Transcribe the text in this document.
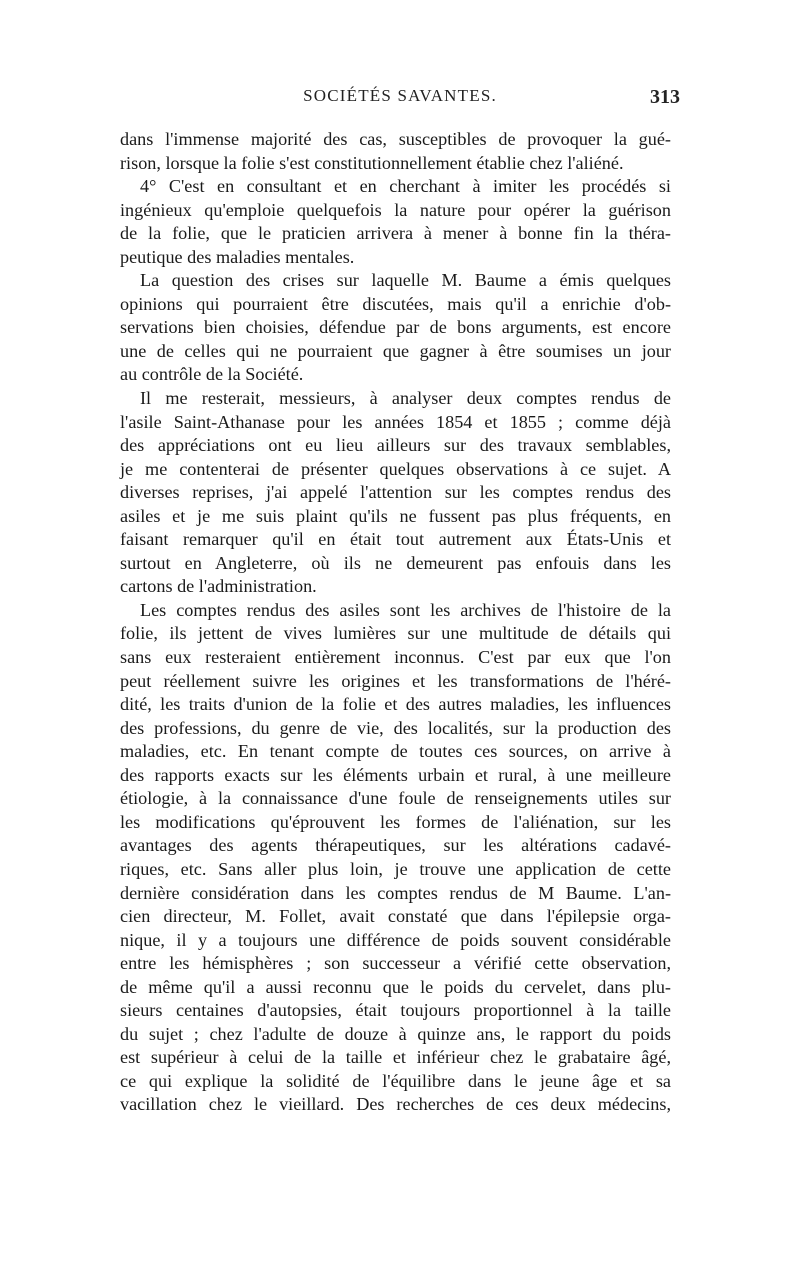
SOCIÉTÉS SAVANTES.	313
dans l'immense majorité des cas, susceptibles de provoquer la gué-
rison, lorsque la folie s'est constitutionnellement établie chez l'aliéné.
4° C'est en consultant et en cherchant à imiter les procédés si
ingénieux qu'emploie quelquefois la nature pour opérer la guérison
de la folie, que le praticien arrivera à mener à bonne fin la théra-
peutique des maladies mentales.
La question des crises sur laquelle M. Baume a émis quelques
opinions qui pourraient être discutées, mais qu'il a enrichie d'ob-
servations bien choisies, défendue par de bons arguments, est encore
une de celles qui ne pourraient que gagner à être soumises un jour
au contrôle de la Société.
Il me resterait, messieurs, à analyser deux comptes rendus de
l'asile Saint-Athanase pour les années 1854 et 1855 ; comme déjà
des appréciations ont eu lieu ailleurs sur des travaux semblables,
je me contenterai de présenter quelques observations à ce sujet. A
diverses reprises, j'ai appelé l'attention sur les comptes rendus des
asiles et je me suis plaint qu'ils ne fussent pas plus fréquents, en
faisant remarquer qu'il en était tout autrement aux États-Unis et
surtout en Angleterre, où ils ne demeurent pas enfouis dans les
cartons de l'administration.
Les comptes rendus des asiles sont les archives de l'histoire de la
folie, ils jettent de vives lumières sur une multitude de détails qui
sans eux resteraient entièrement inconnus. C'est par eux que l'on
peut réellement suivre les origines et les transformations de l'héré-
dité, les traits d'union de la folie et des autres maladies, les influences
des professions, du genre de vie, des localités, sur la production des
maladies, etc. En tenant compte de toutes ces sources, on arrive à
des rapports exacts sur les éléments urbain et rural, à une meilleure
étiologie, à la connaissance d'une foule de renseignements utiles sur
les modifications qu'éprouvent les formes de l'aliénation, sur les
avantages des agents thérapeutiques, sur les altérations cadavé-
riques, etc. Sans aller plus loin, je trouve une application de cette
dernière considération dans les comptes rendus de M Baume. L'an-
cien directeur, M. Follet, avait constaté que dans l'épilepsie orga-
nique, il y a toujours une différence de poids souvent considérable
entre les hémisphères ; son successeur a vérifié cette observation,
de même qu'il a aussi reconnu que le poids du cervelet, dans plu-
sieurs centaines d'autopsies, était toujours proportionnel à la taille
du sujet ; chez l'adulte de douze à quinze ans, le rapport du poids
est supérieur à celui de la taille et inférieur chez le grabataire âgé,
ce qui explique la solidité de l'équilibre dans le jeune âge et sa
vacillation chez le vieillard. Des recherches de ces deux médecins,
